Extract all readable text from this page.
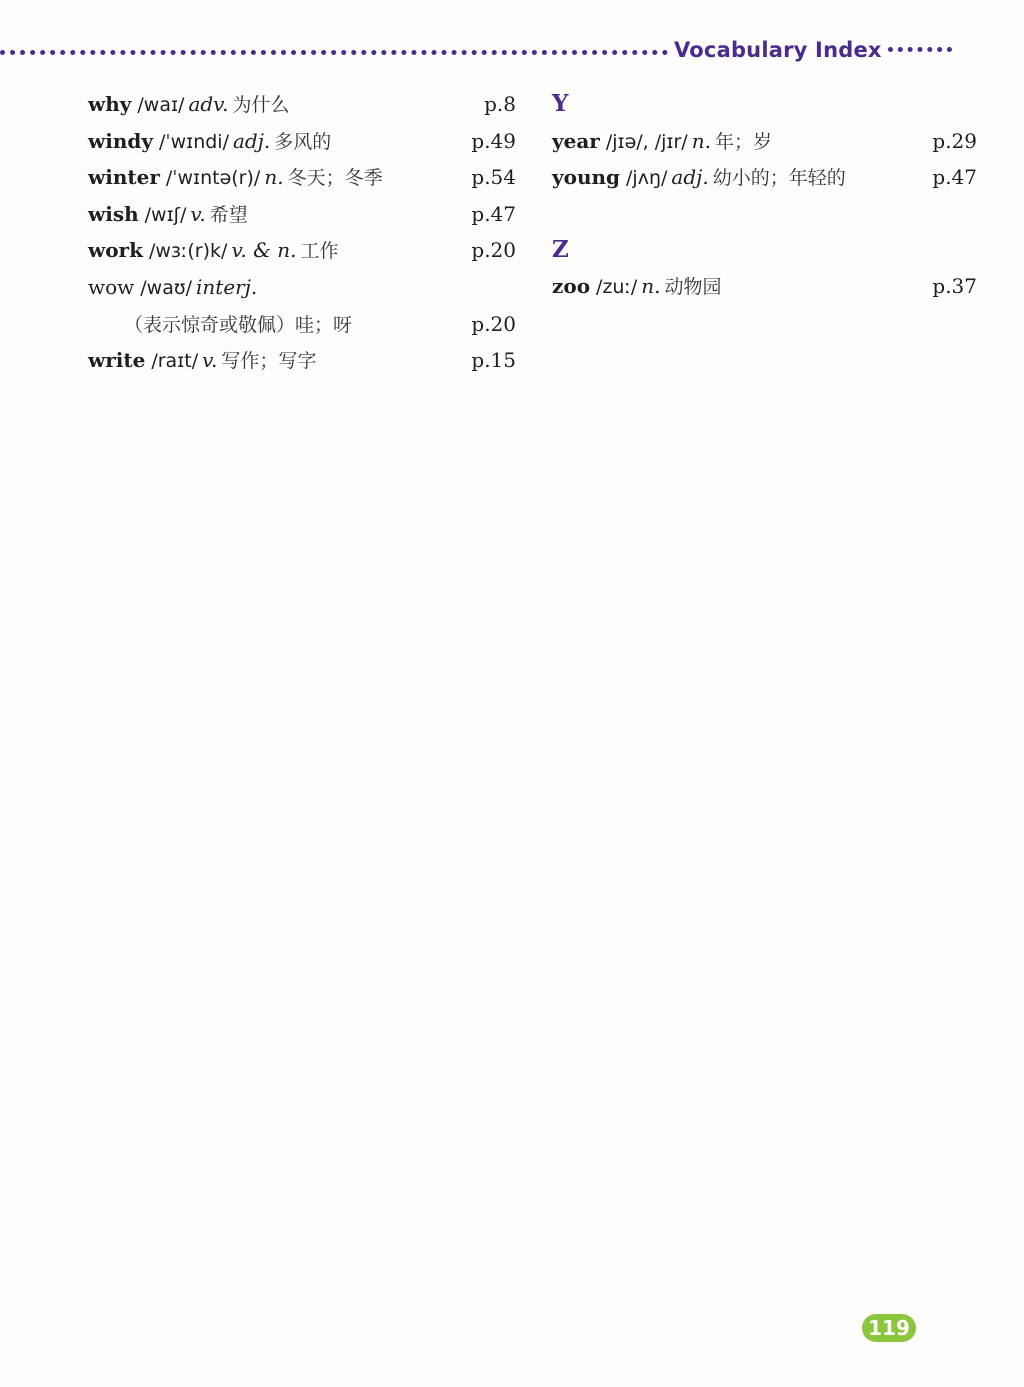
Vocabulary Index
why /waɪ/ adv. 为什么	p.8
windy /ˈwɪndi/ adj. 多风的	p.49
winter /ˈwɪntə(r)/ n. 冬天；冬季	p.54
wish /wɪʃ/ v. 希望	p.47
work /wɜː(r)k/ v. & n. 工作	p.20
wow /waʊ/ interj.
（表示惊奇或敬佩）哇；呀	p.20
write /raɪt/ v. 写作；写字	p.15
Y
year /jɪə/, /jɪr/ n. 年；岁	p.29
young /jʌŋ/ adj. 幼小的；年轻的	p.47
Z
zoo /zuː/ n. 动物园	p.37
119
